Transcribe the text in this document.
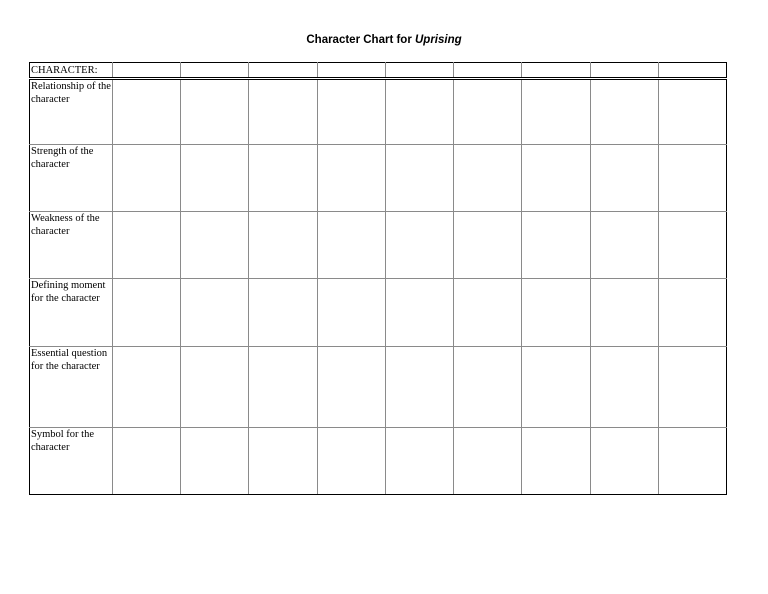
Character Chart for Uprising
CHARACTER:									
Relationship of the character									
Strength of the character									
Weakness of the character									
Defining moment for the character									
Essential question for the character									
Symbol for the character									
